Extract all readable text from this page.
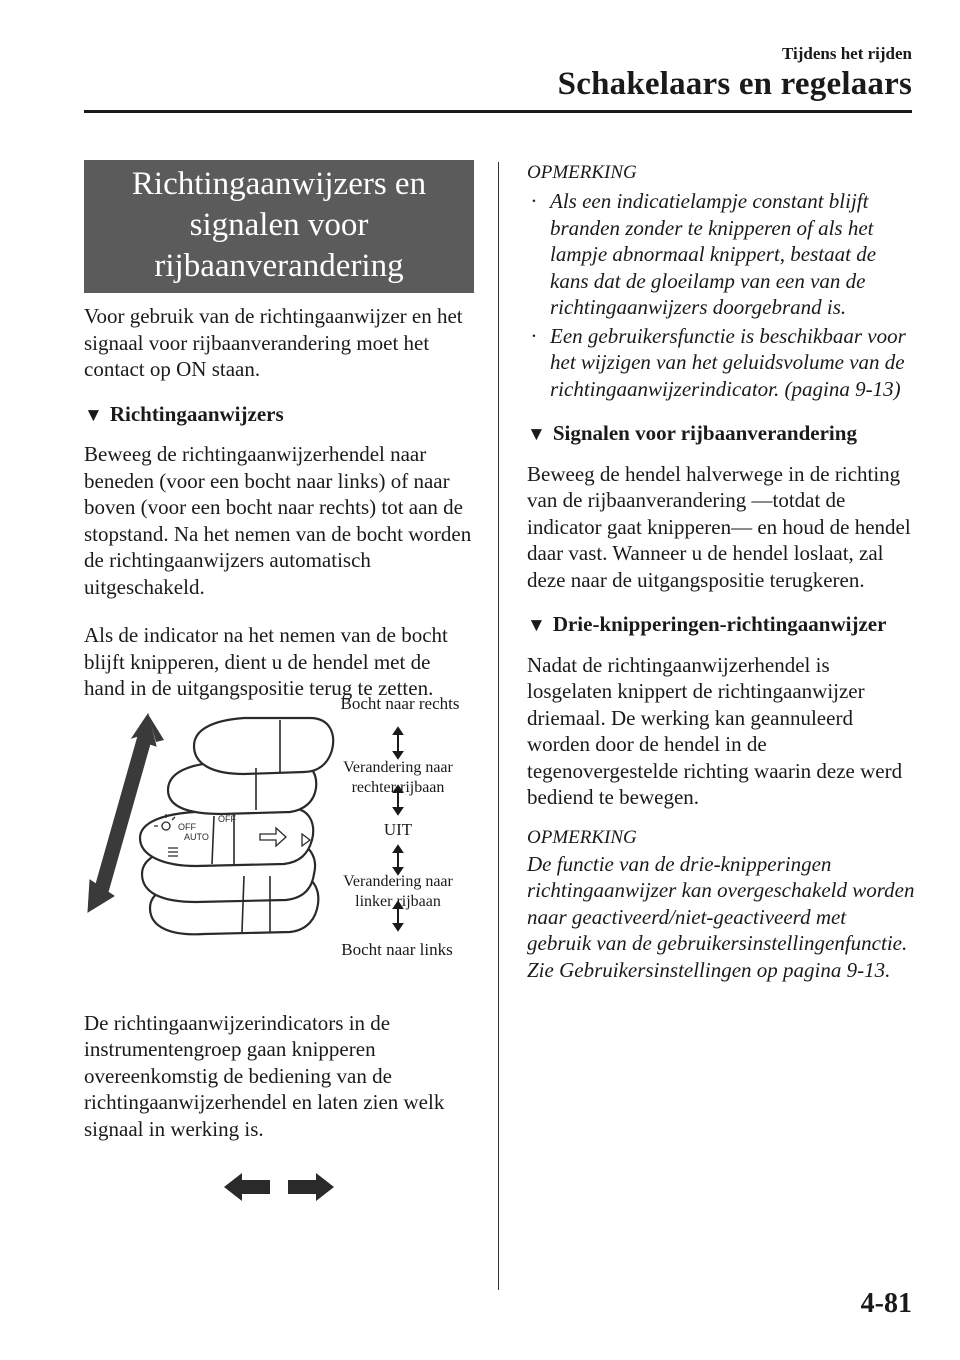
Tijdens het rijden
Schakelaars en regelaars
Richtingaanwijzers en
signalen voor
rijbaanverandering

Voor gebruik van de richtingaanwijzer en het signaal voor rijbaanverandering moet het contact op ON staan.

▼ Richtingaanwijzers

Beweeg de richtingaanwijzerhendel naar beneden (voor een bocht naar links) of naar boven (voor een bocht naar rechts) tot aan de stopstand. Na het nemen van de bocht worden de richtingaanwijzers automatisch uitgeschakeld.

Als de indicator na het nemen van de bocht blijft knipperen, dient u de hendel met de hand in de uitgangspositie terug te zetten.

OFF
AUTO
OFF
Bocht naar rechts
Verandering naar
rechter rijbaan
UIT
Verandering naar
linker rijbaan
Bocht naar links

De richtingaanwijzerindicators in de instrumentengroep gaan knipperen overeenkomstig de bediening van de richtingaanwijzerhendel en laten zien welk signaal in werking is.

OPMERKING
· Als een indicatielampje constant blijft branden zonder te knipperen of als het lampje abnormaal knippert, bestaat de kans dat de gloeilamp van een van de richtingaanwijzers doorgebrand is.
· Een gebruikersfunctie is beschikbaar voor het wijzigen van het geluidsvolume van de richtingaanwijzerindicator. (pagina 9-13)
▼ Signalen voor rijbaanverandering

Beweeg de hendel halverwege in de richting van de rijbaanverandering ―totdat de indicator gaat knipperen― en houd de hendel daar vast. Wanneer u de hendel loslaat, zal deze naar de uitgangspositie terugkeren.

▼ Drie-knipperingen-richtingaanwijzer

Nadat de richtingaanwijzerhendel is losgelaten knippert de richtingaanwijzer driemaal. De werking kan geannuleerd worden door de hendel in de tegenovergestelde richting waarin deze werd bediend te bewegen.

OPMERKING

De functie van de drie-knipperingen richtingaanwijzer kan overgeschakeld worden naar geactiveerd/niet-geactiveerd met gebruik van de gebruikersinstellingenfunctie. Zie Gebruikersinstellingen op pagina 9-13.

4-81
